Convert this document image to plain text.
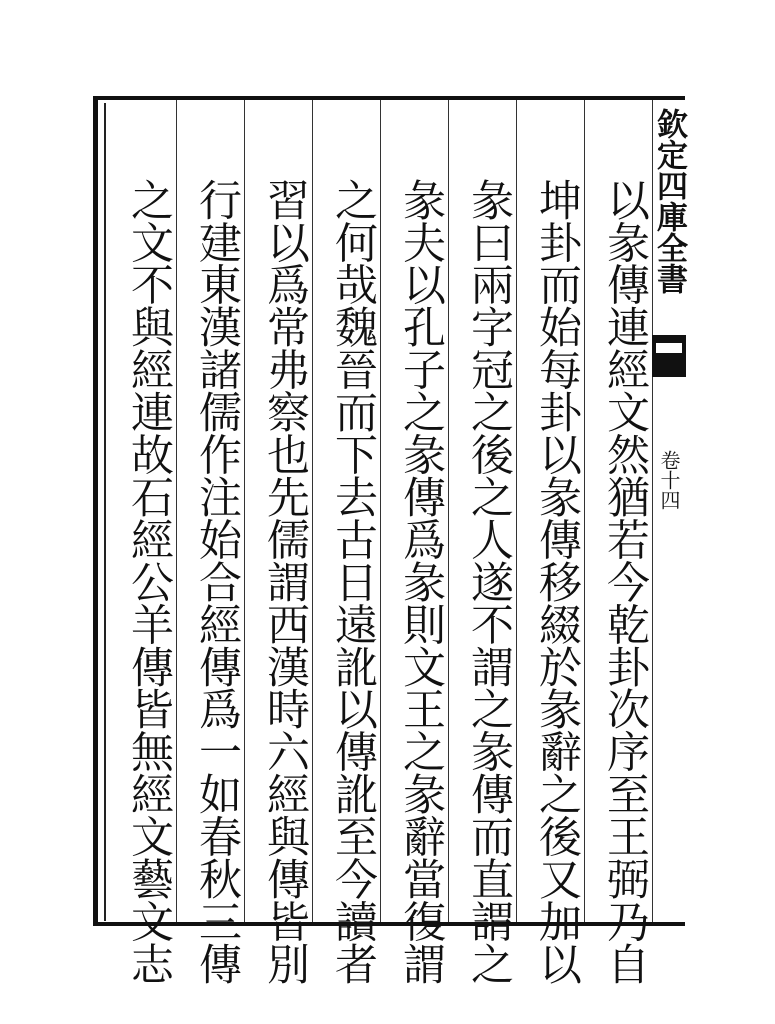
以彖傳連經文然猶若今乾卦次序至王弼乃自
坤卦而始每卦以彖傳移綴於彖辭之後又加以
彖曰兩字冠之後之人遂不謂之彖傳而直謂之
彖夫以孔子之彖傳爲彖則文王之彖辭當復謂
之何哉魏晉而下去古日遠訛以傳訛至今讀者
習以爲常弗察也先儒謂西漢時六經與傳皆別
行建東漢諸儒作注始合經傳爲一如春秋三傳
之文不與經連故石經公羊傳皆無經文藝文志	欽定四庫全書
卷十四
